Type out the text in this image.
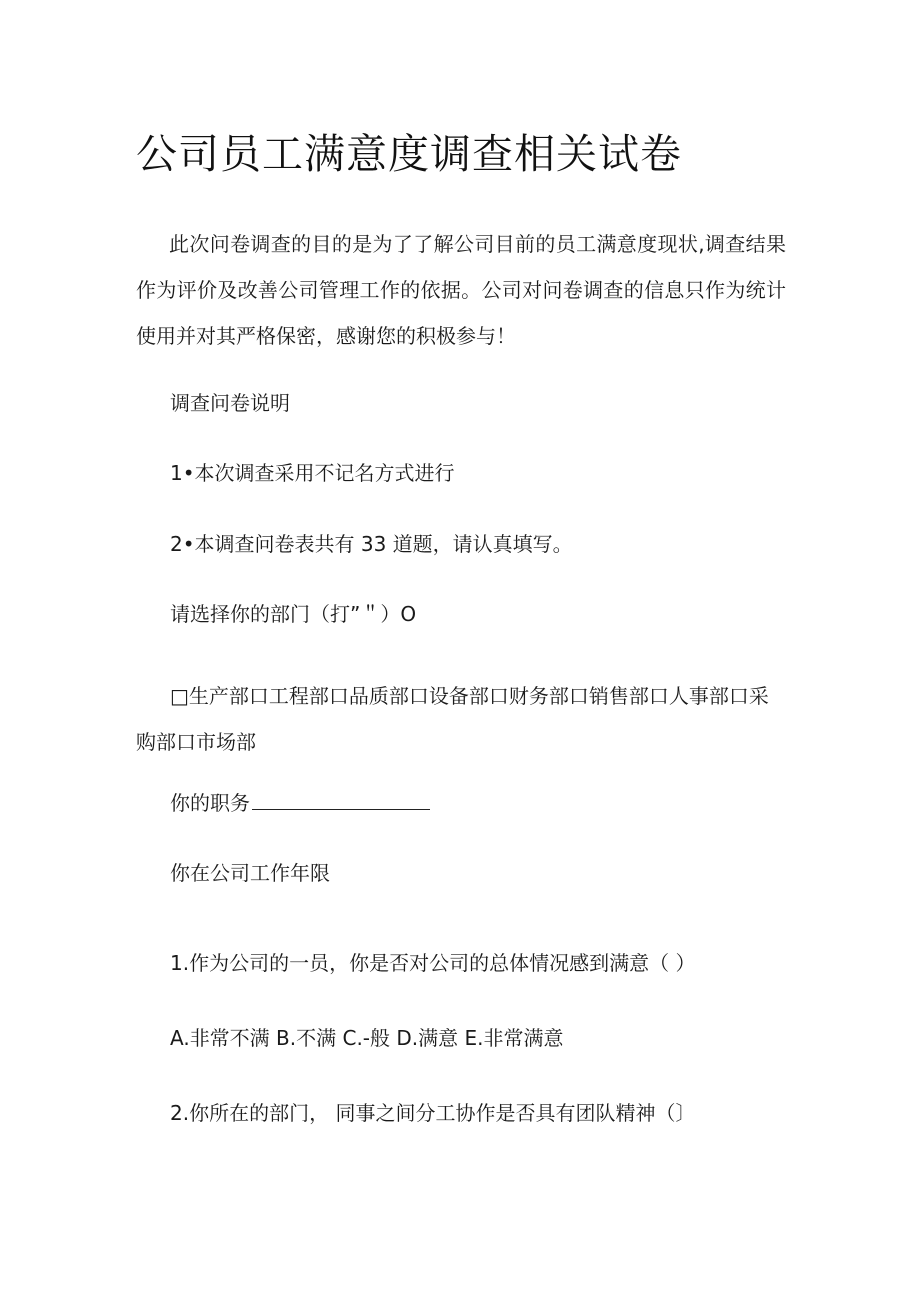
公司员工满意度调查相关试卷

此次问卷调查的目的是为了了解公司目前的员工满意度现状,调查结果作为评价及改善公司管理工作的依据。公司对问卷调查的信息只作为统计使用并对其严格保密，感谢您的积极参与！

调查问卷说明

1•本次调查采用不记名方式进行

2•本调查问卷表共有 33 道题，请认真填写。

请选择你的部门（打”＂）O

□生产部口工程部口品质部口设备部口财务部口销售部口人事部口采购部口市场部

你的职务

你在公司工作年限

1.作为公司的一员，你是否对公司的总体情况感到满意（ ）

A.非常不满 B.不满 C.-般 D.满意 E.非常满意

2.你所在的部门， 同事之间分工协作是否具有团队精神（〕
